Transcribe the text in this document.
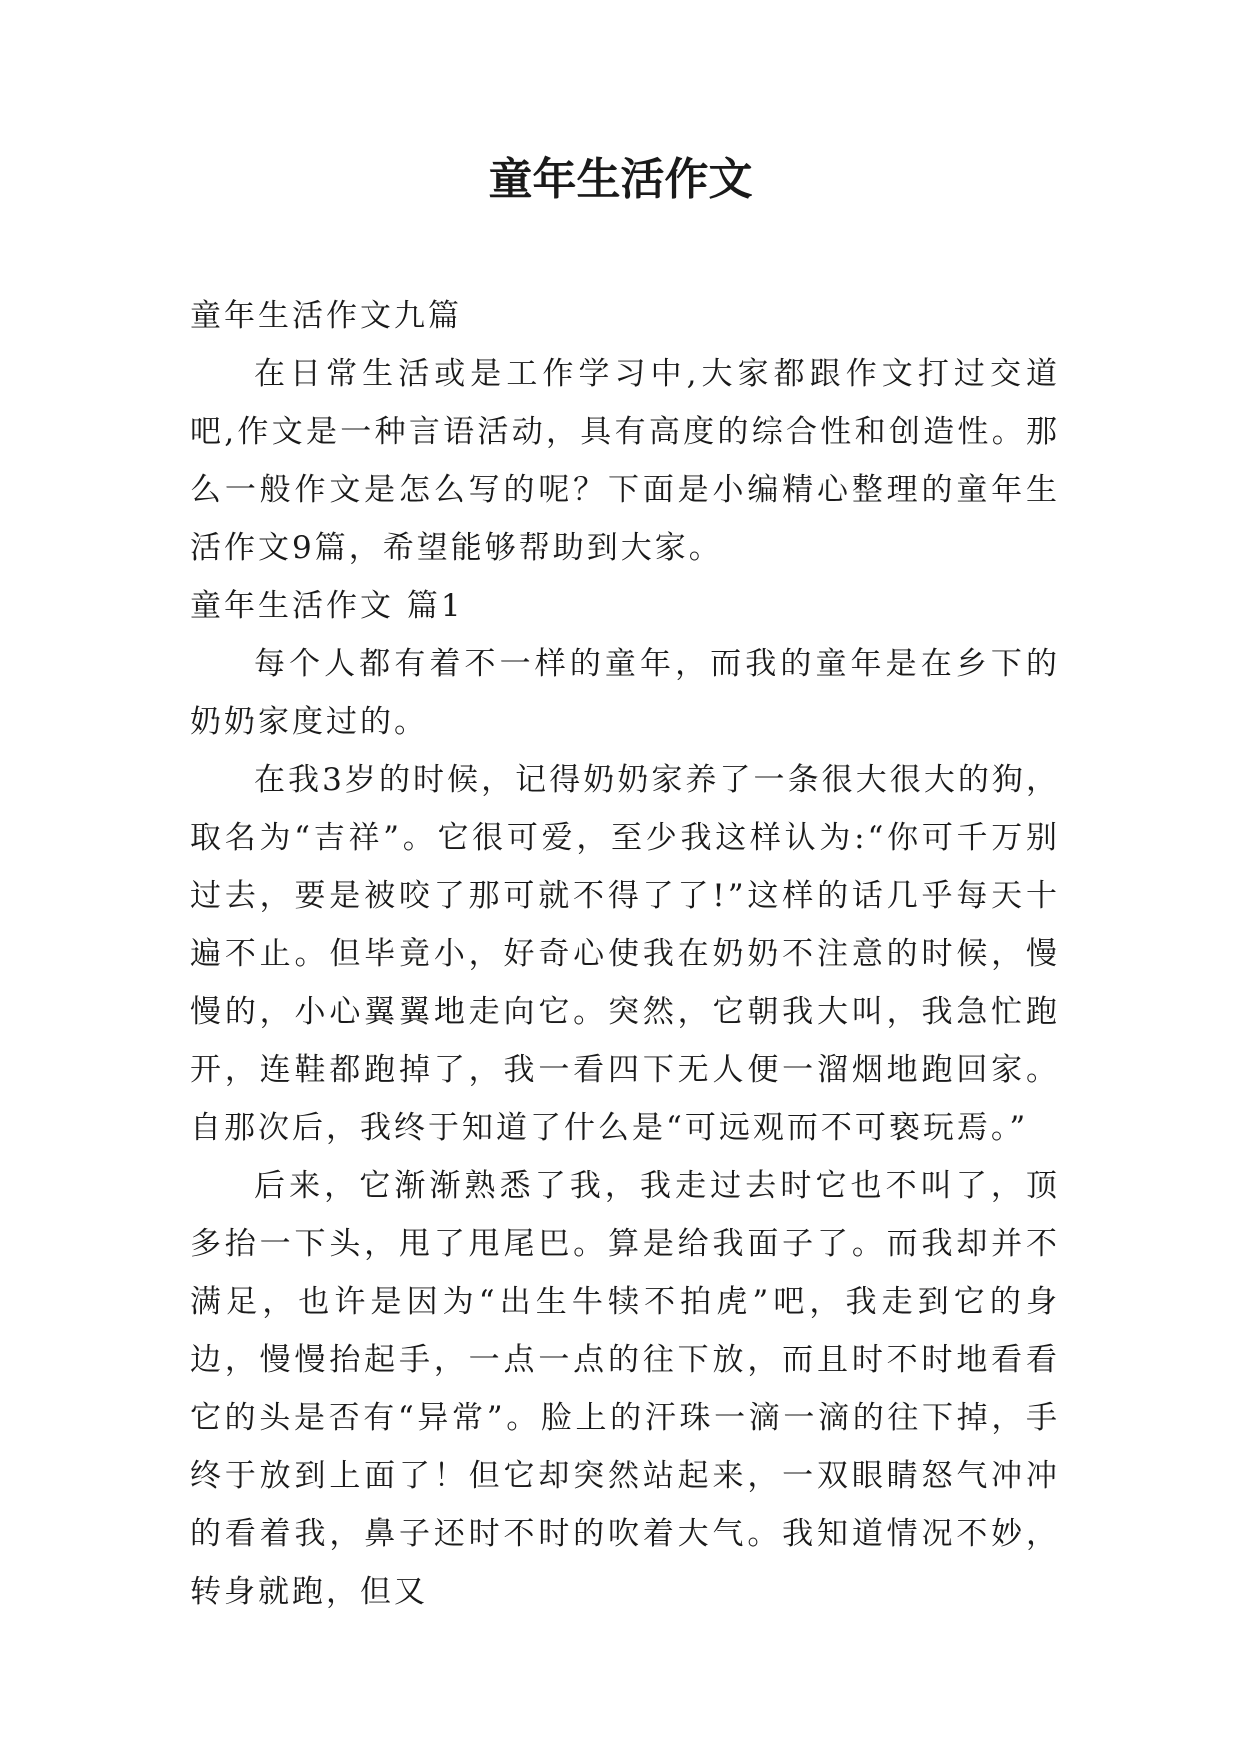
童年生活作文

童年生活作文九篇

在日常生活或是工作学习中,大家都跟作文打过交道吧,作文是一种言语活动，具有高度的综合性和创造性。那么一般作文是怎么写的呢？下面是小编精心整理的童年生活作文9篇，希望能够帮助到大家。

童年生活作文 篇1

每个人都有着不一样的童年，而我的童年是在乡下的奶奶家度过的。

在我3岁的时候，记得奶奶家养了一条很大很大的狗，取名为“吉祥”。它很可爱，至少我这样认为:“你可千万别过去，要是被咬了那可就不得了了!”这样的话几乎每天十遍不止。但毕竟小，好奇心使我在奶奶不注意的时候，慢慢的，小心翼翼地走向它。突然，它朝我大叫，我急忙跑开，连鞋都跑掉了，我一看四下无人便一溜烟地跑回家。自那次后，我终于知道了什么是“可远观而不可亵玩焉。”

后来，它渐渐熟悉了我，我走过去时它也不叫了，顶多抬一下头，甩了甩尾巴。算是给我面子了。而我却并不满足，也许是因为“出生牛犊不拍虎”吧，我走到它的身边，慢慢抬起手，一点一点的往下放，而且时不时地看看它的头是否有“异常”。脸上的汗珠一滴一滴的往下掉，手终于放到上面了！但它却突然站起来，一双眼睛怒气冲冲的看着我，鼻子还时不时的吹着大气。我知道情况不妙，转身就跑，但又
